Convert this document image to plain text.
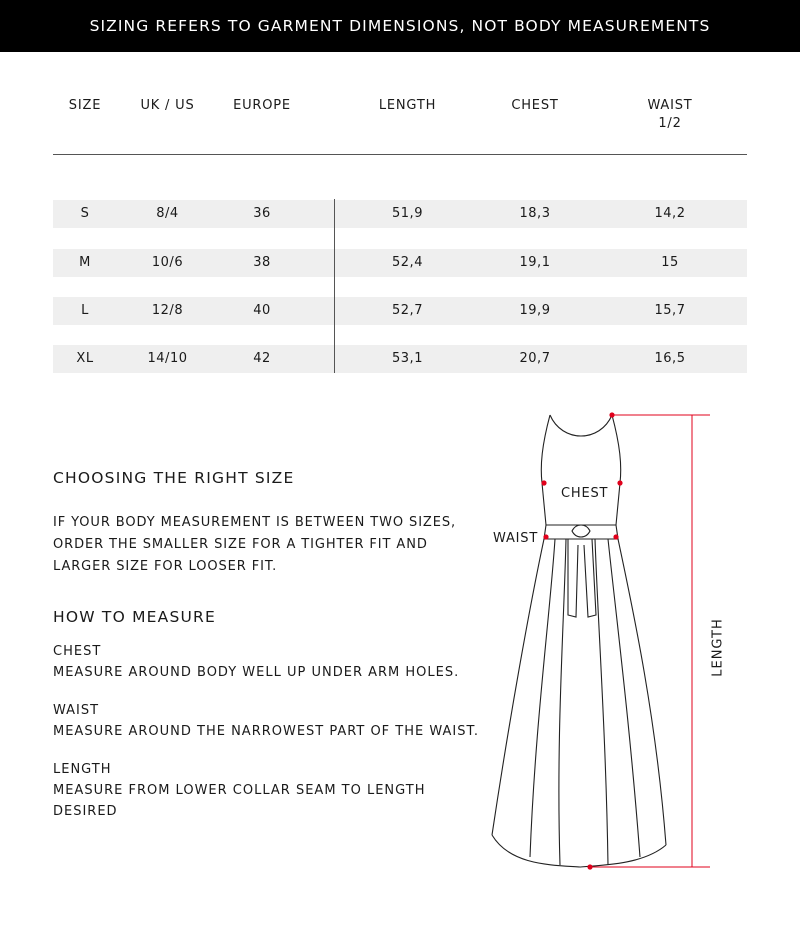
SIZING REFERS TO GARMENT DIMENSIONS, NOT BODY MEASUREMENTS
SIZE	UK / US	EUROPE	LENGTH	CHEST	WAIST
1/2
S	8/4	36	51,9	18,3	14,2
M	10/6	38	52,4	19,1	15
L	12/8	40	52,7	19,9	15,7
XL	14/10	42	53,1	20,7	16,5
CHOOSING THE RIGHT SIZE
IF YOUR BODY MEASUREMENT IS BETWEEN TWO SIZES,
ORDER THE SMALLER SIZE FOR A TIGHTER FIT AND
LARGER SIZE FOR LOOSER FIT.
HOW TO MEASURE
CHEST
MEASURE AROUND BODY WELL UP UNDER ARM HOLES.
WAIST
MEASURE AROUND THE NARROWEST PART OF THE WAIST.
LENGTH
MEASURE FROM LOWER COLLAR SEAM TO LENGTH
DESIRED
CHEST
WAIST
LENGTH
